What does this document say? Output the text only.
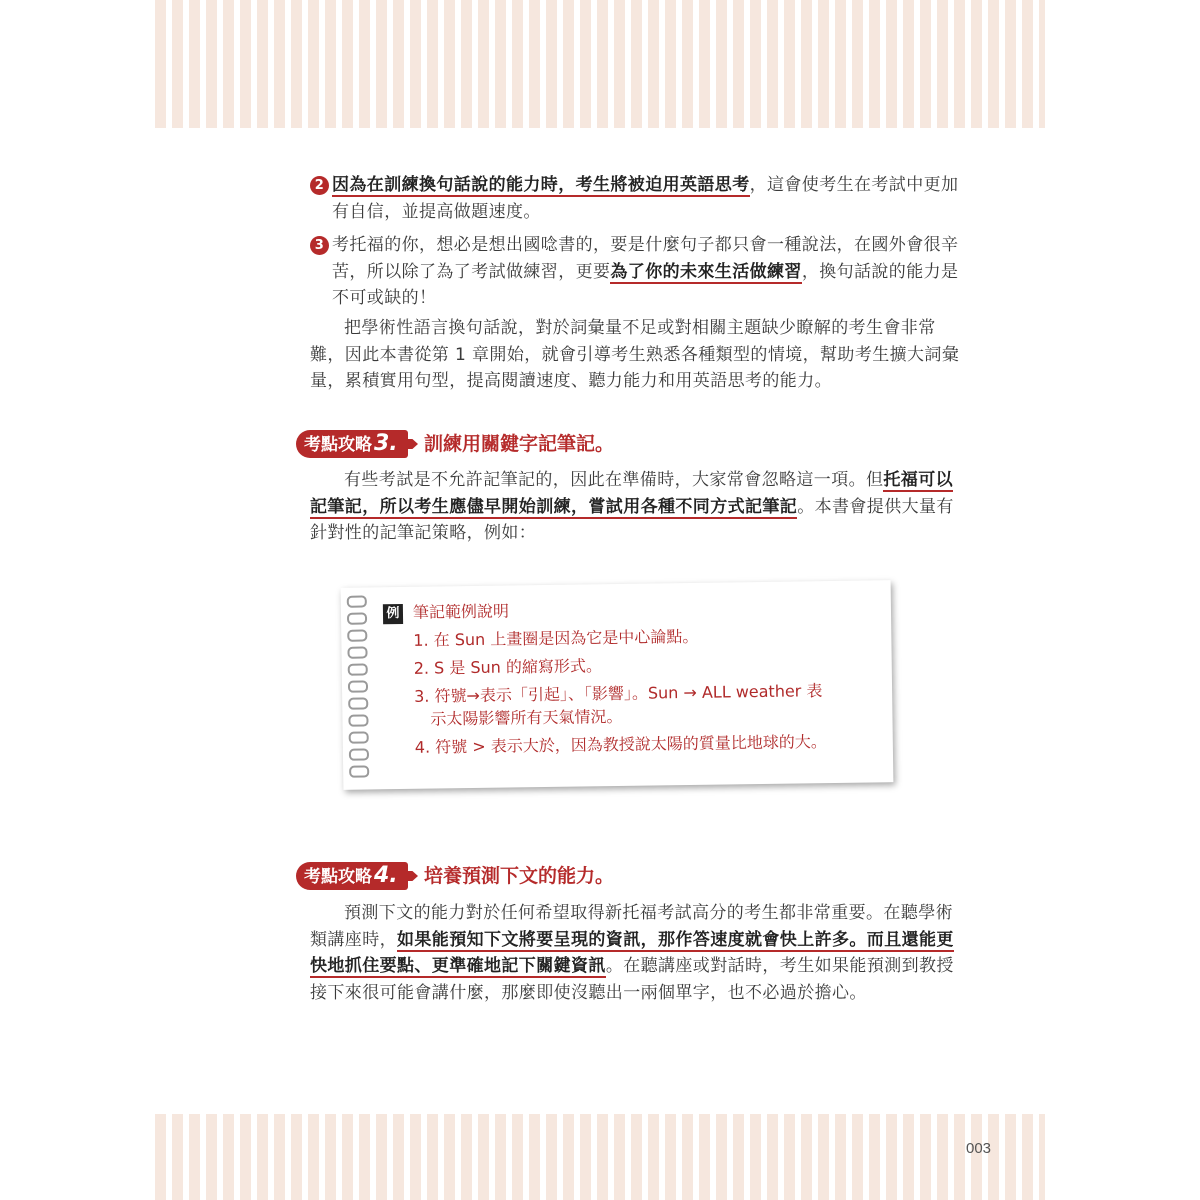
2 因為在訓練換句話說的能力時，考生將被迫用英語思考，這會使考生在考試中更加
有自信，並提高做題速度。
3 考托福的你，想必是想出國唸書的，要是什麼句子都只會一種說法，在國外會很辛
苦，所以除了為了考試做練習，更要為了你的未來生活做練習，換句話說的能力是
不可或缺的！
把學術性語言換句話說，對於詞彙量不足或對相關主題缺少瞭解的考生會非常
難，因此本書從第 1 章開始，就會引導考生熟悉各種類型的情境，幫助考生擴大詞彙
量，累積實用句型，提高閱讀速度、聽力能力和用英語思考的能力。
考點攻略3.	訓練用關鍵字記筆記。
有些考試是不允許記筆記的，因此在準備時，大家常會忽略這一項。但托福可以
記筆記，所以考生應儘早開始訓練，嘗試用各種不同方式記筆記。本書會提供大量有
針對性的記筆記策略，例如：
例 筆記範例說明
1. 在 Sun 上畫圈是因為它是中心論點。
2. S 是 Sun 的縮寫形式。
3. 符號→表示「引起」、「影響」。Sun → ALL weather 表
示太陽影響所有天氣情況。
4. 符號 > 表示大於，因為教授說太陽的質量比地球的大。
考點攻略4.	培養預測下文的能力。
預測下文的能力對於任何希望取得新托福考試高分的考生都非常重要。在聽學術
類講座時，如果能預知下文將要呈現的資訊，那作答速度就會快上許多。而且還能更
快地抓住要點、更準確地記下關鍵資訊。在聽講座或對話時，考生如果能預測到教授
接下來很可能會講什麼，那麼即使沒聽出一兩個單字，也不必過於擔心。
003
